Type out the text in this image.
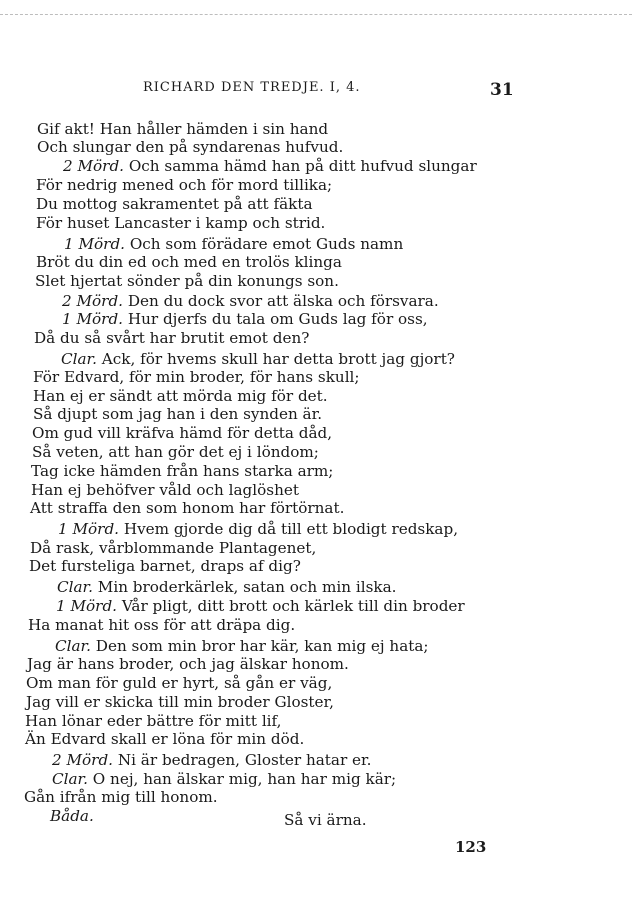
RICHARD DEN TREDJE. I, 4.	31
Gif akt! Han håller hämden i sin hand
Och slungar den på syndarenas hufvud.
2 Mörd. Och samma hämd han på ditt hufvud slungar
För nedrig mened och för mord tillika;
Du mottog sakramentet på att fäkta
För huset Lancaster i kamp och strid.
1 Mörd. Och som förädare emot Guds namn
Bröt du din ed och med en trolös klinga
Slet hjertat sönder på din konungs son.
2 Mörd. Den du dock svor att älska och försvara.
1 Mörd. Hur djerfs du tala om Guds lag för oss,
Då du så svårt har brutit emot den?
Clar. Ack, för hvems skull har detta brott jag gjort?
För Edvard, för min broder, för hans skull;
Han ej er sändt att mörda mig för det.
Så djupt som jag han i den synden är.
Om gud vill kräfva hämd för detta dåd,
Så veten, att han gör det ej i löndom;
Tag icke hämden från hans starka arm;
Han ej behöfver våld och laglöshet
Att straffa den som honom har förtörnat.
1 Mörd. Hvem gjorde dig då till ett blodigt redskap,
Då rask, vårblommande Plantagenet,
Det fursteliga barnet, draps af dig?
Clar. Min broderkärlek, satan och min ilska.
1 Mörd. Vår pligt, ditt brott och kärlek till din broder
Ha manat hit oss för att dräpa dig.
Clar. Den som min bror har kär, kan mig ej hata;
Jag är hans broder, och jag älskar honom.
Om man för guld er hyrt, så gån er väg,
Jag vill er skicka till min broder Gloster,
Han lönar eder bättre för mitt lif,
Än Edvard skall er löna för min död.
2 Mörd. Ni är bedragen, Gloster hatar er.
Clar. O nej, han älskar mig, han har mig kär;
Gån ifrån mig till honom.
Båda.	Så vi ärna.
123
